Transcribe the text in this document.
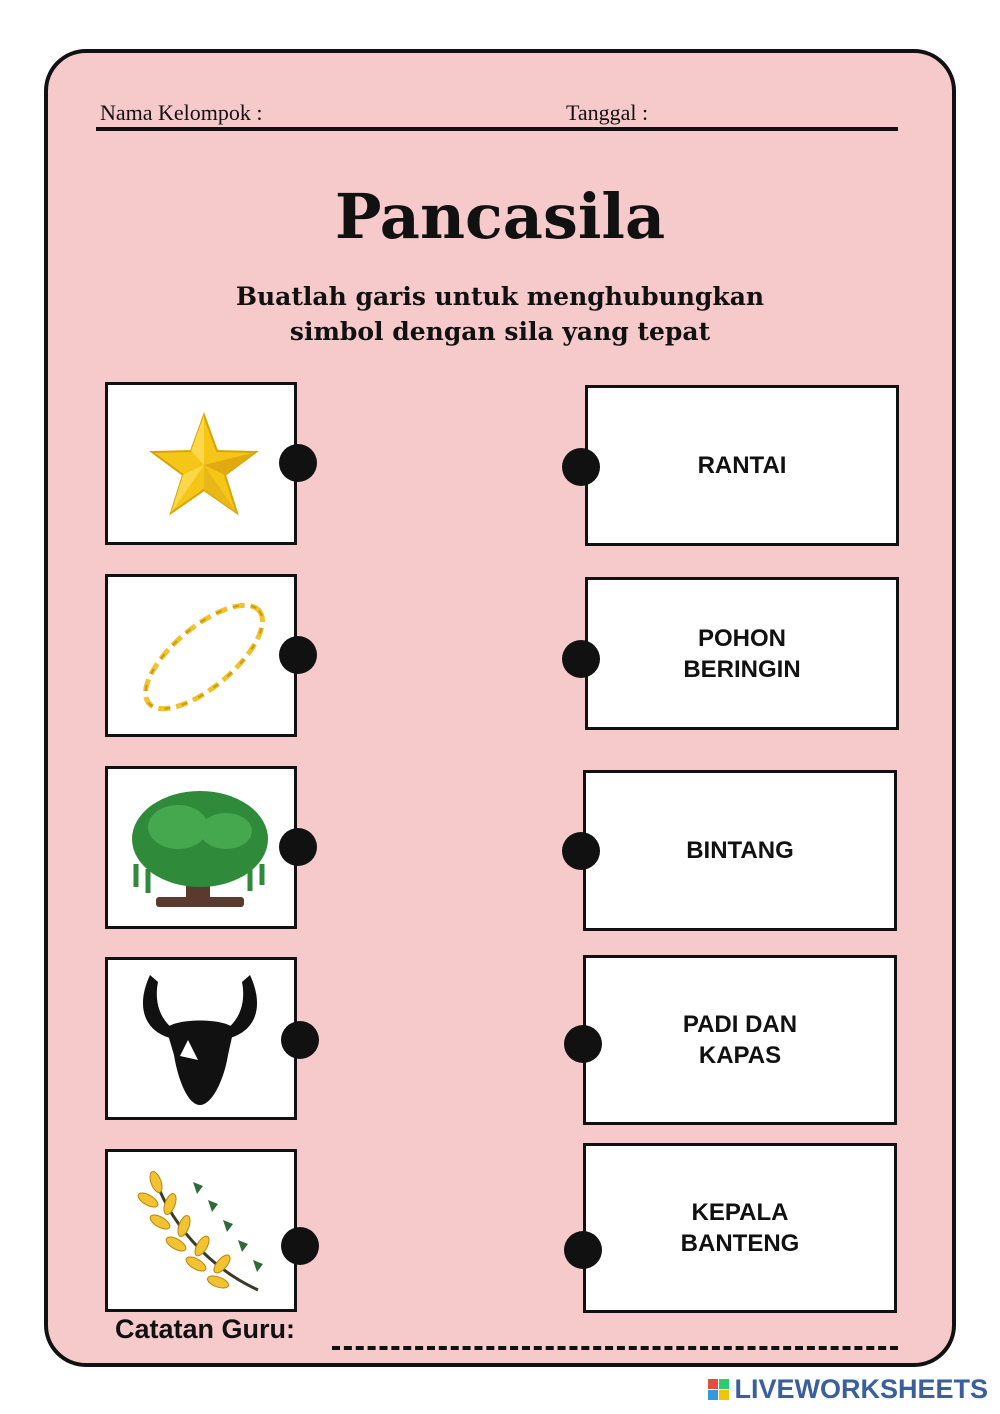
Nama Kelompok :	Tanggal :
Pancasila
Buatlah garis untuk menghubungkan
simbol dengan sila yang tepat
RANTAI
POHON
BERINGIN
BINTANG
PADI DAN
KAPAS
KEPALA
BANTENG
Catatan Guru:
LIVEWORKSHEETS
